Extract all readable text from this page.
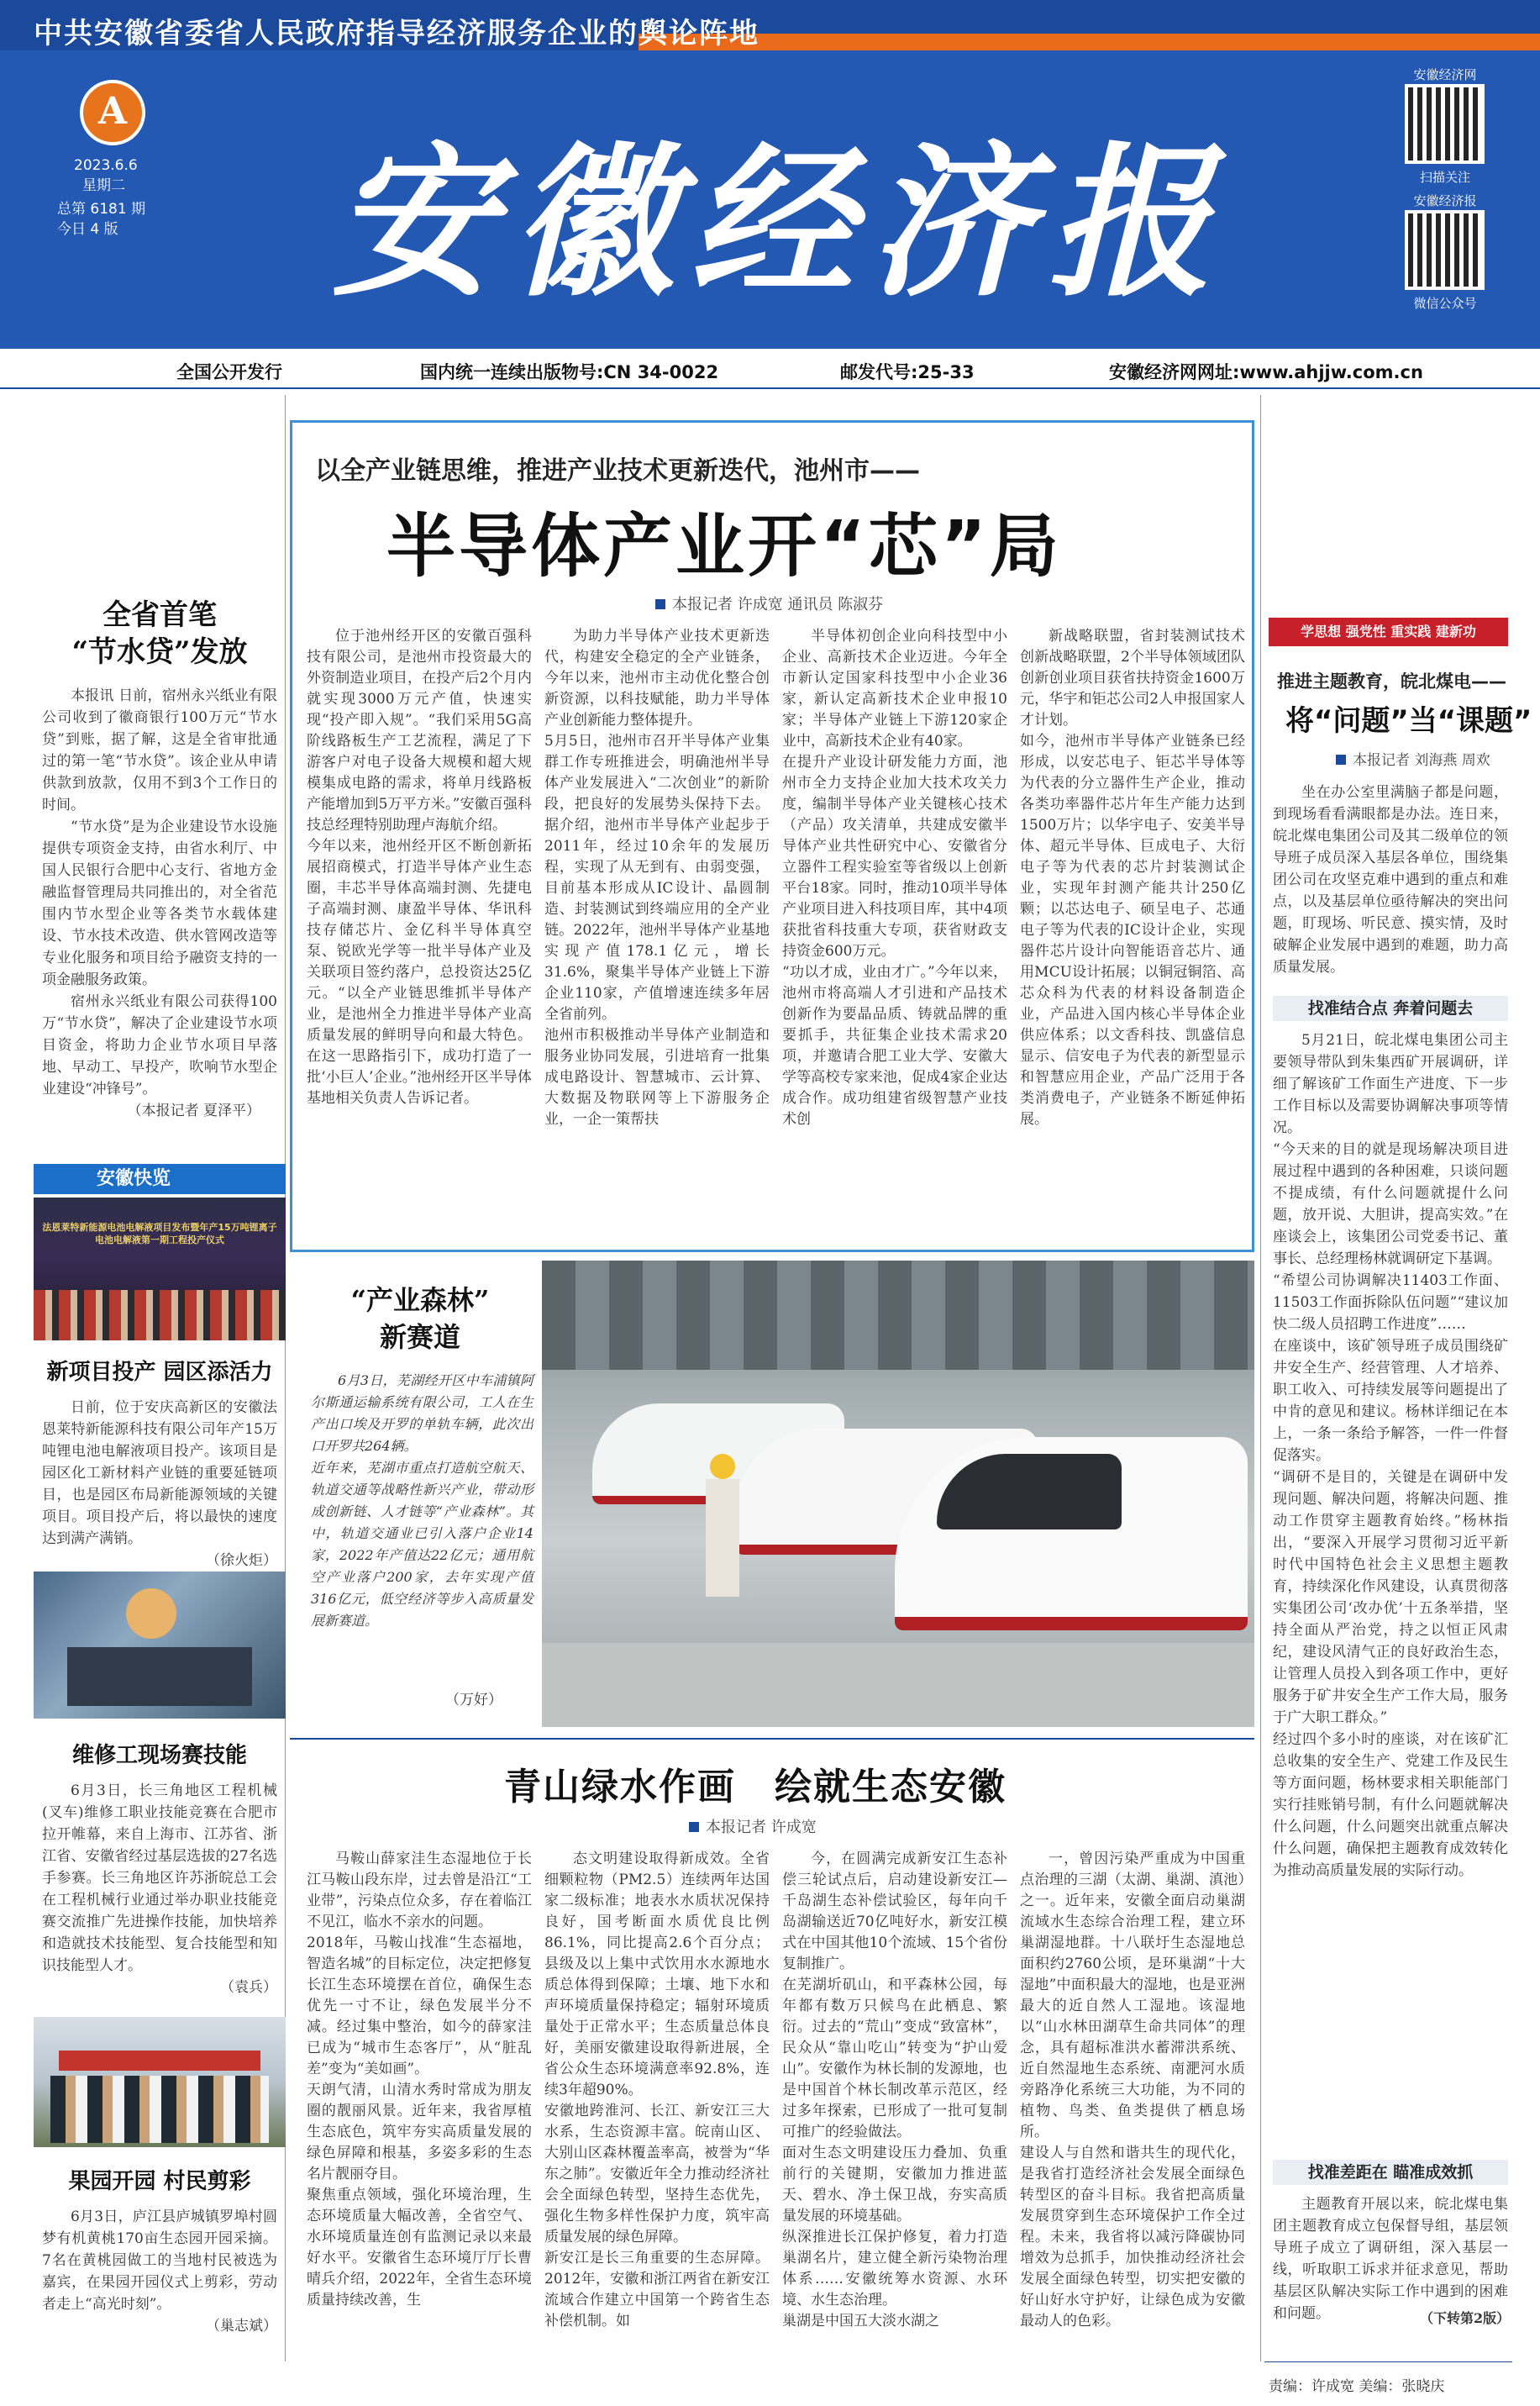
中共安徽省委省人民政府指导经济服务企业的舆论阵地
A
2023.6.6
星期二
总第 6181 期
今日 4 版 安徽经济报
安徽经济网
扫描关注
安徽经济报
微信公众号
全国公开发行	国内统一连续出版物号:CN 34-0022	邮发代号:25-33	安徽经济网网址:www.ahjjw.com.cn
全省首笔
“节水贷”发放

本报讯 日前，宿州永兴纸业有限公司收到了徽商银行100万元“节水贷”到账，据了解，这是全省审批通过的第一笔“节水贷”。该企业从申请供款到放款，仅用不到3个工作日的时间。

“节水贷”是为企业建设节水设施提供专项资金支持，由省水利厅、中国人民银行合肥中心支行、省地方金融监督管理局共同推出的，对全省范围内节水型企业等各类节水载体建设、节水技术改造、供水管网改造等专业化服务和项目给予融资支持的一项金融服务政策。

宿州永兴纸业有限公司获得100万“节水贷”，解决了企业建设节水项目资金，将助力企业节水项目早落地、早动工、早投产，吹响节水型企业建设“冲锋号”。

（本报记者 夏泽平）

安徽快览
法恩莱特新能源电池电解液项目发布暨年产15万吨锂离子电池电解液第一期工程投产仪式
新项目投产 园区添活力

日前，位于安庆高新区的安徽法恩莱特新能源科技有限公司年产15万吨锂电池电解液项目投产。该项目是园区化工新材料产业链的重要延链项目，也是园区布局新能源领域的关键项目。项目投产后，将以最快的速度达到满产满销。

（徐火炬）

维修工现场赛技能

6月3日，长三角地区工程机械(叉车)维修工职业技能竞赛在合肥市拉开帷幕，来自上海市、江苏省、浙江省、安徽省经过基层选拔的27名选手参赛。长三角地区许苏浙皖总工会在工程机械行业通过举办职业技能竞赛交流推广先进操作技能，加快培养和造就技术技能型、复合技能型和知识技能型人才。

（袁兵）

果园开园 村民剪彩

6月3日，庐江县庐城镇罗埠村圆梦有机黄桃170亩生态园开园采摘。7名在黄桃园做工的当地村民被选为嘉宾，在果园开园仪式上剪彩，劳动者走上“高光时刻”。

（巢志斌）

以全产业链思维，推进产业技术更新迭代，池州市——
半导体产业开“芯”局
本报记者 许成宽 通讯员 陈淑芬
位于池州经开区的安徽百强科技有限公司，是池州市投资最大的外资制造业项目，在投产后2个月内就实现3000万元产值，快速实现“投产即入规”。“我们采用5G高阶线路板生产工艺流程，满足了下游客户对电子设备大规模和超大规模集成电路的需求，将单月线路板产能增加到5万平方米。”安徽百强科技总经理特别助理卢海航介绍。
今年以来，池州经开区不断创新拓展招商模式，打造半导体产业生态圈，丰芯半导体高端封测、先捷电子高端封测、康盈半导体、华讯科技存储芯片、金亿科半导体真空泵、锐欧光学等一批半导体产业及关联项目签约落户，总投资达25亿元。“以全产业链思维抓半导体产业，是池州全力推进半导体产业高质量发展的鲜明导向和最大特色。在这一思路指引下，成功打造了一批‘小巨人’企业。”池州经开区半导体基地相关负责人告诉记者。
为助力半导体产业技术更新迭代，构建安全稳定的全产业链条，今年以来，池州市主动优化整合创新资源，以科技赋能，助力半导体产业创新能力整体提升。
5月5日，池州市召开半导体产业集群工作专班推进会，明确池州半导体产业发展进入“二次创业”的新阶段，把良好的发展势头保持下去。据介绍，池州市半导体产业起步于2011年，经过10余年的发展历程，实现了从无到有、由弱变强，目前基本形成从IC设计、晶圆制造、封装测试到终端应用的全产业链。2022年，池州半导体产业基地实现产值178.1亿元，增长31.6%，聚集半导体产业链上下游企业110家，产值增速连续多年居全省前列。
池州市积极推动半导体产业制造和服务业协同发展，引进培育一批集成电路设计、智慧城市、云计算、大数据及物联网等上下游服务企业，一企一策帮扶
半导体初创企业向科技型中小企业、高新技术企业迈进。今年全市新认定国家科技型中小企业36家，新认定高新技术企业申报10家；半导体产业链上下游120家企业中，高新技术企业有40家。
在提升产业设计研发能力方面，池州市全力支持企业加大技术攻关力度，编制半导体产业关键核心技术（产品）攻关清单，共建成安徽半导体产业共性研究中心、安徽省分立器件工程实验室等省级以上创新平台18家。同时，推动10项半导体产业项目进入科技项目库，其中4项获批省科技重大专项，获省财政支持资金600万元。
“功以才成，业由才广。”今年以来，池州市将高端人才引进和产品技术创新作为要晶品质、铸就品牌的重要抓手，共征集企业技术需求20项，并邀请合肥工业大学、安徽大学等高校专家来池，促成4家企业达成合作。成功组建省级智慧产业技术创
新战略联盟，省封装测试技术创新战略联盟，2个半导体领域团队创新创业项目获省扶持资金1600万元，华宇和钜芯公司2人申报国家人才计划。
如今，池州市半导体产业链条已经形成，以安芯电子、钜芯半导体等为代表的分立器件生产企业，推动各类功率器件芯片年生产能力达到1500万片；以华宇电子、安美半导体、超元半导体、巨成电子、大衍电子等为代表的芯片封装测试企业，实现年封测产能共计250亿颗；以芯达电子、硕呈电子、芯通电子等为代表的IC设计企业，实现器件芯片设计向智能语音芯片、通用MCU设计拓展；以铜冠铜箔、高芯众科为代表的材料设备制造企业，产品进入国内核心半导体企业供应体系；以文香科技、凯盛信息显示、信安电子为代表的新型显示和智慧应用企业，产品广泛用于各类消费电子，产业链条不断延伸拓展。
“产业森林”
新赛道
6月3日，芜湖经开区中车浦镇阿尔斯通运输系统有限公司，工人在生产出口埃及开罗的单轨车辆，此次出口开罗共264辆。
近年来，芜湖市重点打造航空航天、轨道交通等战略性新兴产业，带动形成创新链、人才链等“产业森林”。其中，轨道交通业已引入落户企业14家，2022年产值达22亿元；通用航空产业落户200家，去年实现产值316亿元，低空经济等步入高质量发展新赛道。
（万好）
青山绿水作画　绘就生态安徽
本报记者 许成宽
马鞍山薛家洼生态湿地位于长江马鞍山段东岸，过去曾是沿江“工业带”，污染点位众多，存在着临江不见江，临水不亲水的问题。
2018年，马鞍山找准“生态福地，智造名城”的目标定位，决定把修复长江生态环境摆在首位，确保生态优先一寸不让，绿色发展半分不减。经过集中整治，如今的薛家洼已成为“城市生态客厅”，从“脏乱差”变为“美如画”。
天朗气清，山清水秀时常成为朋友圈的靓丽风景。近年来，我省厚植生态底色，筑牢夯实高质量发展的绿色屏障和根基，多姿多彩的生态名片靓丽夺目。
聚焦重点领域，强化环境治理，生态环境质量大幅改善，全省空气、水环境质量连创有监测记录以来最好水平。安徽省生态环境厅厅长曹晴兵介绍，2022年，全省生态环境质量持续改善，生
态文明建设取得新成效。全省细颗粒物（PM2.5）连续两年达国家二级标准；地表水水质状况保持良好，国考断面水质优良比例86.1%，同比提高2.6个百分点；县级及以上集中式饮用水水源地水质总体得到保障；土壤、地下水和声环境质量保持稳定；辐射环境质量处于正常水平；生态质量总体良好，美丽安徽建设取得新进展，全省公众生态环境满意率92.8%，连续3年超90%。
安徽地跨淮河、长江、新安江三大水系，生态资源丰富。皖南山区、大别山区森林覆盖率高，被誉为“华东之肺”。安徽近年全力推动经济社会全面绿色转型，坚持生态优先，强化生物多样性保护力度，筑牢高质量发展的绿色屏障。
新安江是长三角重要的生态屏障。2012年，安徽和浙江两省在新安江流域合作建立中国第一个跨省生态补偿机制。如
今，在圆满完成新安江生态补偿三轮试点后，启动建设新安江—千岛湖生态补偿试验区，每年向千岛湖输送近70亿吨好水，新安江模式在中国其他10个流域、15个省份复制推广。
在芜湖圻矶山，和平森林公园，每年都有数万只候鸟在此栖息、繁衍。过去的“荒山”变成“致富林”，民众从“靠山吃山”转变为“护山爱山”。安徽作为林长制的发源地，也是中国首个林长制改革示范区，经过多年探索，已形成了一批可复制可推广的经验做法。
面对生态文明建设压力叠加、负重前行的关键期，安徽加力推进蓝天、碧水、净土保卫战，夯实高质量发展的环境基础。
纵深推进长江保护修复，着力打造巢湖名片，建立健全新污染物治理体系……安徽统筹水资源、水环境、水生态治理。
巢湖是中国五大淡水湖之
一，曾因污染严重成为中国重点治理的三湖（太湖、巢湖、滇池）之一。近年来，安徽全面启动巢湖流域水生态综合治理工程，建立环巢湖湿地群。十八联圩生态湿地总面积约2760公顷，是环巢湖“十大湿地”中面积最大的湿地，也是亚洲最大的近自然人工湿地。该湿地以“山水林田湖草生命共同体”的理念，具有超标准洪水蓄滞洪系统、近自然湿地生态系统、南淝河水质旁路净化系统三大功能，为不同的植物、鸟类、鱼类提供了栖息场所。
建设人与自然和谐共生的现代化，是我省打造经济社会发展全面绿色转型区的奋斗目标。我省把高质量发展贯穿到生态环境保护工作全过程。未来，我省将以减污降碳协同增效为总抓手，加快推动经济社会发展全面绿色转型，切实把安徽的好山好水守护好，让绿色成为安徽最动人的色彩。
学思想 强党性 重实践 建新功
推进主题教育，皖北煤电——
将“问题”当“课题”
本报记者 刘海燕 周欢
坐在办公室里满脑子都是问题，到现场看看满眼都是办法。连日来，皖北煤电集团公司及其二级单位的领导班子成员深入基层各单位，围绕集团公司在攻坚克难中遇到的重点和难点，以及基层单位亟待解决的突出问题，盯现场、听民意、摸实情，及时破解企业发展中遇到的难题，助力高质量发展。
找准结合点 奔着问题去
5月21日，皖北煤电集团公司主要领导带队到朱集西矿开展调研，详细了解该矿工作面生产进度、下一步工作目标以及需要协调解决事项等情况。
“今天来的目的就是现场解决项目进展过程中遇到的各种困难，只谈问题不提成绩，有什么问题就提什么问题，放开说、大胆讲，提高实效。”在座谈会上，该集团公司党委书记、董事长、总经理杨林就调研定下基调。
“希望公司协调解决11403工作面、11503工作面拆除队伍问题”“建议加快二级人员招聘工作进度”……
在座谈中，该矿领导班子成员围绕矿井安全生产、经营管理、人才培养、职工收入、可持续发展等问题提出了中肯的意见和建议。杨林详细记在本上，一条一条给予解答，一件一件督促落实。
“调研不是目的，关键是在调研中发现问题、解决问题，将解决问题、推动工作贯穿主题教育始终。”杨林指出，“要深入开展学习贯彻习近平新时代中国特色社会主义思想主题教育，持续深化作风建设，认真贯彻落实集团公司‘改办优’十五条举措，坚持全面从严治党，持之以恒正风肃纪，建设风清气正的良好政治生态，让管理人员投入到各项工作中，更好服务于矿井安全生产工作大局，服务于广大职工群众。”
经过四个多小时的座谈，对在该矿汇总收集的安全生产、党建工作及民生等方面问题，杨林要求相关职能部门实行挂账销号制，有什么问题就解决什么问题，什么问题突出就重点解决什么问题，确保把主题教育成效转化为推动高质量发展的实际行动。
找准差距在 瞄准成效抓
主题教育开展以来，皖北煤电集团主题教育成立包保督导组，基层领导班子成立了调研组，深入基层一线，听取职工诉求并征求意见，帮助基层区队解决实际工作中遇到的困难和问题。	（下转第2版）
责编：许成宽 美编：张晓庆
